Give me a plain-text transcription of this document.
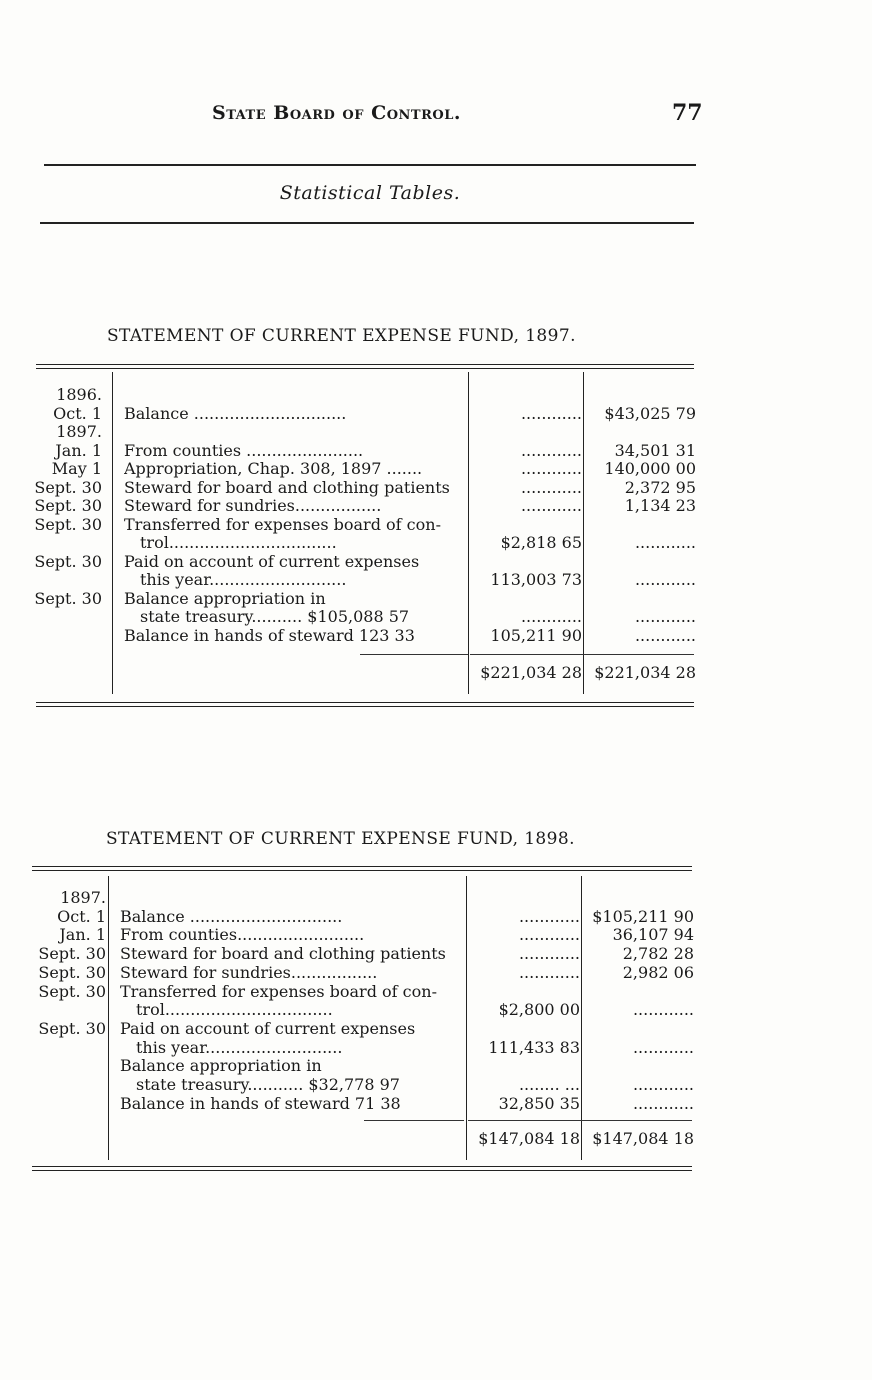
State Board of Control.	77
Statistical Tables.
STATEMENT OF CURRENT EXPENSE FUND, 1897.
1896.
Oct. 1 Balance ..............................	............	$43,025 79
1897.
Jan. 1 From counties .......................	............	34,501 31
May 1 Appropriation, Chap. 308, 1897 .......	............	140,000 00
Sept. 30 Steward for board and clothing patients	............	2,372 95
Sept. 30 Steward for sundries.................	............	1,134 23
Sept. 30 Transferred for expenses board of con-
trol.................................	$2,818 65	............
Sept. 30 Paid on account of current expenses
this year...........................	113,003 73	............
Sept. 30 Balance appropriation in
state treasury.......... $105,088 57	............	............
Balance in hands of steward 123 33	105,211 90	............
$221,034 28 $221,034 28
STATEMENT OF CURRENT EXPENSE FUND, 1898.
1897.
Oct. 1 Balance ..............................	............ $105,211 90
Jan. 1 From counties.........................	............	36,107 94
Sept. 30 Steward for board and clothing patients	............	2,782 28
Sept. 30 Steward for sundries.................	............	2,982 06
Sept. 30 Transferred for expenses board of con-
trol.................................	$2,800 00	............
Sept. 30 Paid on account of current expenses
this year...........................	111,433 83	............
Balance appropriation in
state treasury........... $32,778 97	........ ...	............
Balance in hands of steward 71 38	32,850 35	............
$147,084 18 $147,084 18
